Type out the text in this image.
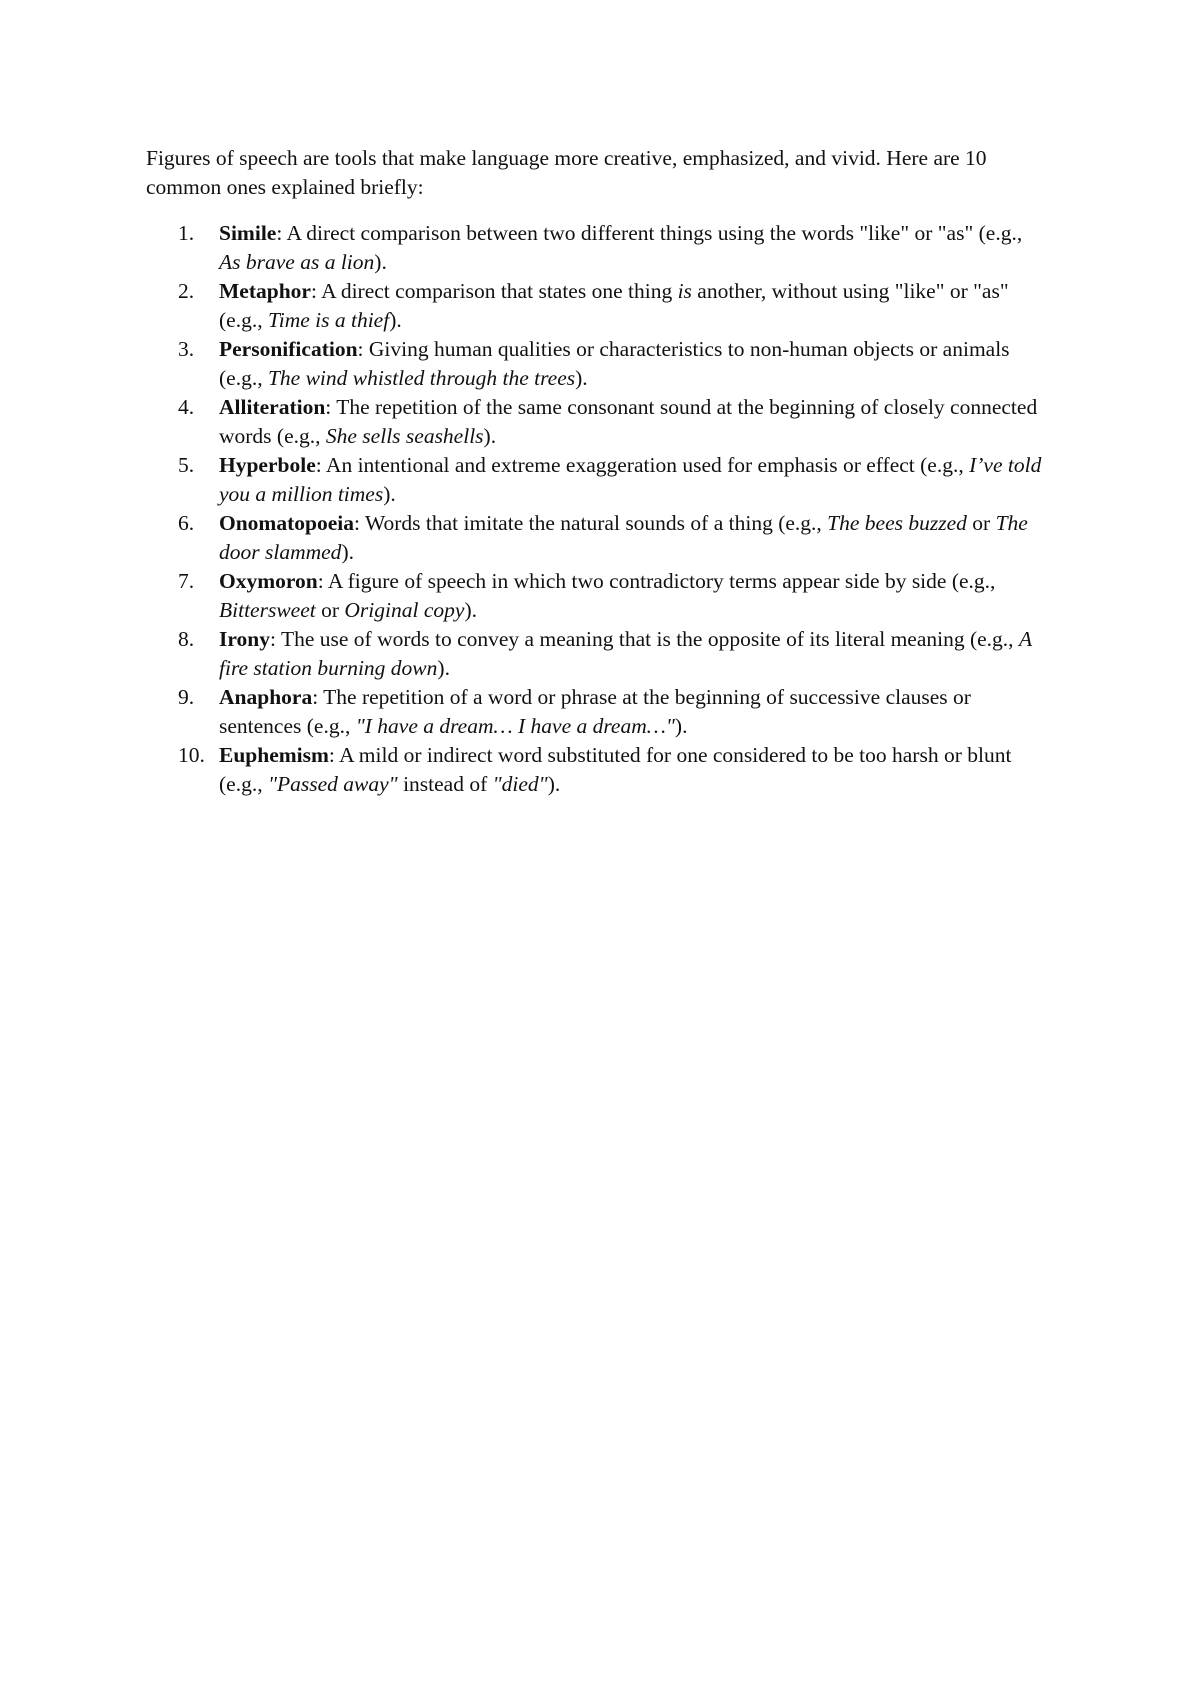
Figures of speech are tools that make language more creative, emphasized, and vivid. Here are 10 common ones explained briefly:

1. Simile: A direct comparison between two different things using the words "like" or "as" (e.g., As brave as a lion).
2. Metaphor: A direct comparison that states one thing is another, without using "like" or "as" (e.g., Time is a thief).
3. Personification: Giving human qualities or characteristics to non-human objects or animals (e.g., The wind whistled through the trees).
4. Alliteration: The repetition of the same consonant sound at the beginning of closely connected words (e.g., She sells seashells).
5. Hyperbole: An intentional and extreme exaggeration used for emphasis or effect (e.g., I’ve told you a million times).
6. Onomatopoeia: Words that imitate the natural sounds of a thing (e.g., The bees buzzed or The door slammed).
7. Oxymoron: A figure of speech in which two contradictory terms appear side by side (e.g., Bittersweet or Original copy).
8. Irony: The use of words to convey a meaning that is the opposite of its literal meaning (e.g., A fire station burning down).
9. Anaphora: The repetition of a word or phrase at the beginning of successive clauses or sentences (e.g., "I have a dream… I have a dream…").
10. Euphemism: A mild or indirect word substituted for one considered to be too harsh or blunt (e.g., "Passed away" instead of "died").
